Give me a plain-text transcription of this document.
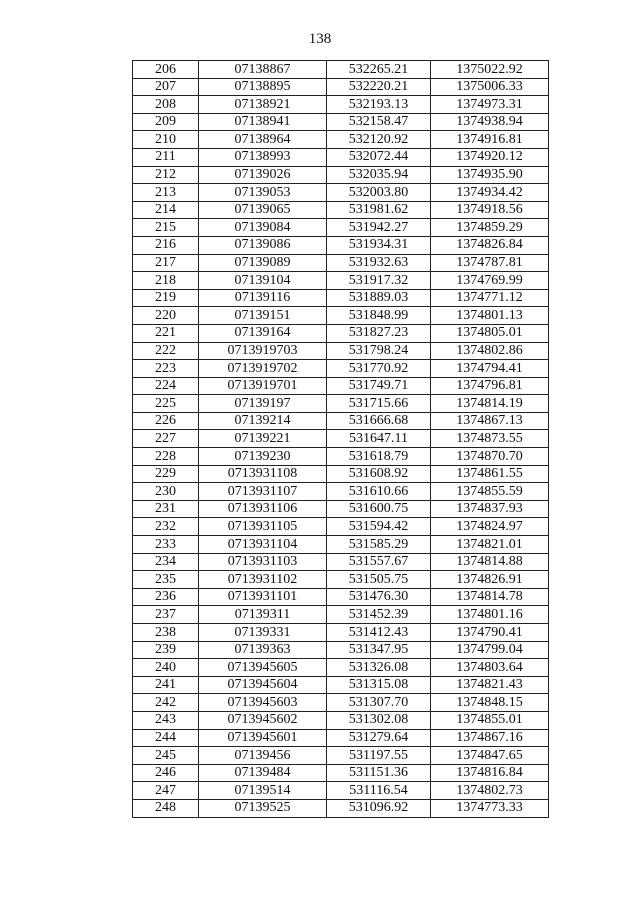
138
206	07138867	532265.21	1375022.92
207	07138895	532220.21	1375006.33
208	07138921	532193.13	1374973.31
209	07138941	532158.47	1374938.94
210	07138964	532120.92	1374916.81
211	07138993	532072.44	1374920.12
212	07139026	532035.94	1374935.90
213	07139053	532003.80	1374934.42
214	07139065	531981.62	1374918.56
215	07139084	531942.27	1374859.29
216	07139086	531934.31	1374826.84
217	07139089	531932.63	1374787.81
218	07139104	531917.32	1374769.99
219	07139116	531889.03	1374771.12
220	07139151	531848.99	1374801.13
221	07139164	531827.23	1374805.01
222	0713919703	531798.24	1374802.86
223	0713919702	531770.92	1374794.41
224	0713919701	531749.71	1374796.81
225	07139197	531715.66	1374814.19
226	07139214	531666.68	1374867.13
227	07139221	531647.11	1374873.55
228	07139230	531618.79	1374870.70
229	0713931108	531608.92	1374861.55
230	0713931107	531610.66	1374855.59
231	0713931106	531600.75	1374837.93
232	0713931105	531594.42	1374824.97
233	0713931104	531585.29	1374821.01
234	0713931103	531557.67	1374814.88
235	0713931102	531505.75	1374826.91
236	0713931101	531476.30	1374814.78
237	07139311	531452.39	1374801.16
238	07139331	531412.43	1374790.41
239	07139363	531347.95	1374799.04
240	0713945605	531326.08	1374803.64
241	0713945604	531315.08	1374821.43
242	0713945603	531307.70	1374848.15
243	0713945602	531302.08	1374855.01
244	0713945601	531279.64	1374867.16
245	07139456	531197.55	1374847.65
246	07139484	531151.36	1374816.84
247	07139514	531116.54	1374802.73
248	07139525	531096.92	1374773.33
